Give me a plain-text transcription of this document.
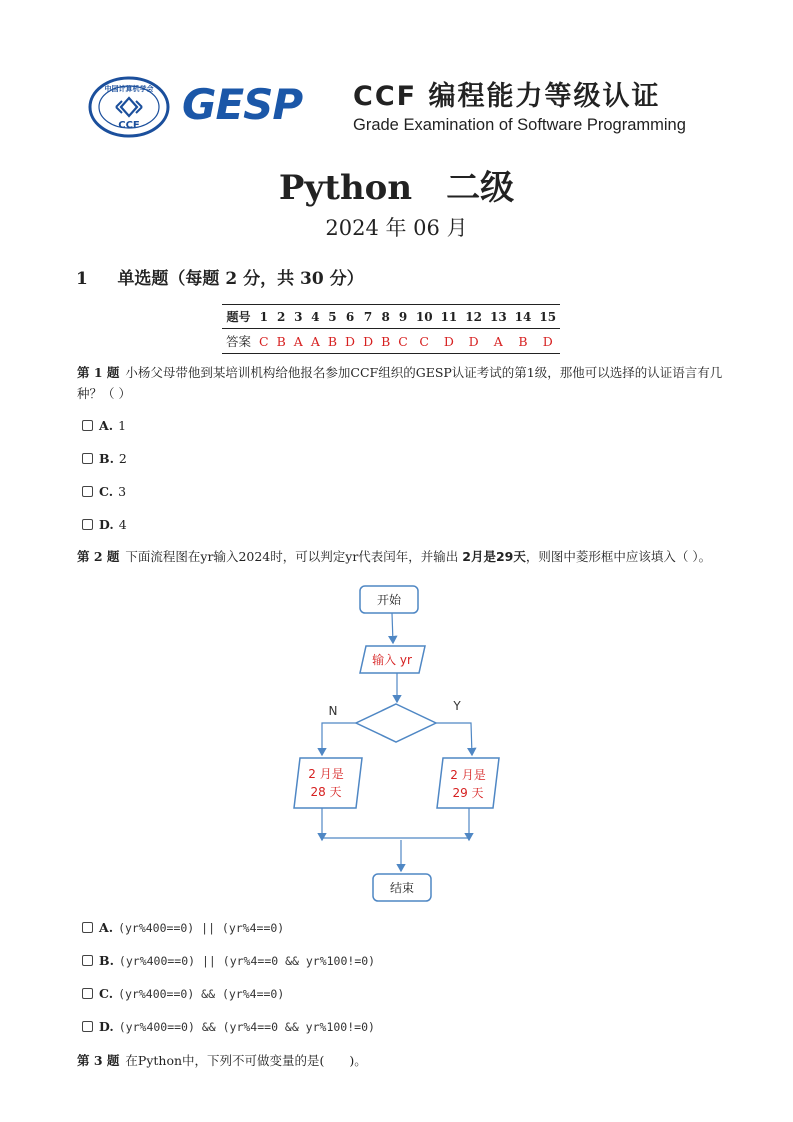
中国计算机学会
CCF GESP CCF 编程能力等级认证
Grade Examination of Software Programming
Python　二级
2024 年 06 月
1 单选题（每题 2 分，共 30 分）
题号	1	2	3	4	5	6	7	8	9	10	11	12	13	14	15
答案	C	B	A	A	B	D	D	B	C	C	D	D	A	B	D
第 1 题 小杨父母带他到某培训机构给他报名参加CCF组织的GESP认证考试的第1级，那他可以选择的认证语言有几
种？（ ）
A. 1
B. 2
C. 3
D. 4
第 2 题 下面流程图在yr输入2024时，可以判定yr代表闰年，并输出 2月是29天，则图中菱形框中应该填入（ ）。
开始
输入 yr
N	Y
2 月是
28 天
2 月是
29 天
结束
A. (yr%400==0) || (yr%4==0)
B. (yr%400==0) || (yr%4==0 && yr%100!=0)
C. (yr%400==0) && (yr%4==0)
D. (yr%400==0) && (yr%4==0 && yr%100!=0)
第 3 题 在Python中，下列不可做变量的是(　　)。
